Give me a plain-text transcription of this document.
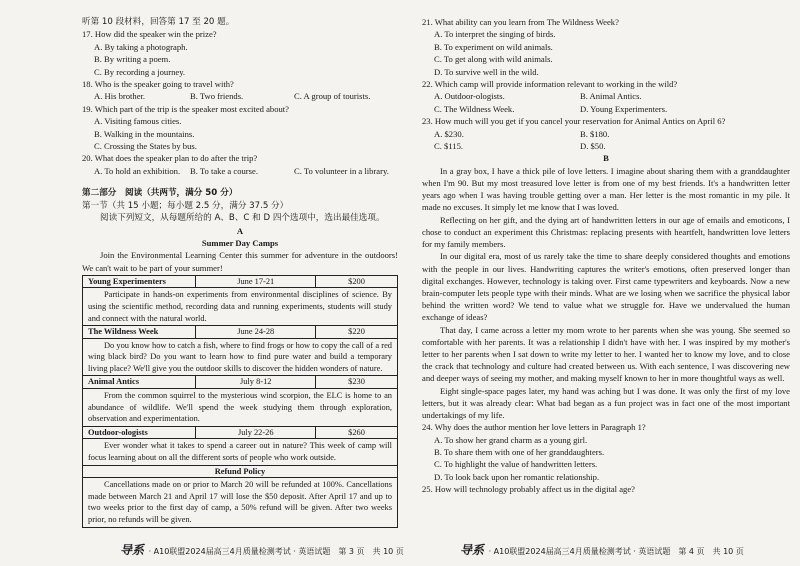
听第 10 段材料，回答第 17 至 20 题。
17. How did the speaker win the prize?
A. By taking a photograph.
B. By writing a poem.
C. By recording a journey.
18. Who is the speaker going to travel with?
A. His brother.	B. Two friends.	C. A group of tourists.
19. Which part of the trip is the speaker most excited about?
A. Visiting famous cities.
B. Walking in the mountains.
C. Crossing the States by bus.
20. What does the speaker plan to do after the trip?
A. To hold an exhibition.	B. To take a course.	C. To volunteer in a library.
第二部分　阅读（共两节，满分 50 分）
第一节（共 15 小题；每小题 2.5 分，满分 37.5 分）
阅读下列短文，从每题所给的 A、B、C 和 D 四个选项中，选出最佳选项。
A
Summer Day Camps
Join the Environmental Learning Center this summer for adventure in the outdoors! We can't wait to be part of your summer!
Young Experimenters	June 17-21	$200
Participate in hands-on experiments from environmental disciplines of science. By using the scientific method, recording data and running experiments, students will study and connect with the natural world.		
The Wildness Week	June 24-28	$220
Do you know how to catch a fish, where to find frogs or how to copy the call of a red wing black bird? Do you want to learn how to find pure water and build a temporary living place? We'll give you the outdoor skills to discover the hidden wonders of nature.		
Animal Antics	July 8-12	$230
From the common squirrel to the mysterious wind scorpion, the ELC is home to an abundance of wildlife. We'll spend the week studying them through exploration, observation and experimentation.		
Outdoor-ologists	July 22-26	$260
Ever wonder what it takes to spend a career out in nature? This week of camp will focus learning about on all the different sorts of people who work outside.		
Refund Policy		
Cancellations made on or prior to March 20 will be refunded at 100%. Cancellations made between March 21 and April 17 will lose the $50 deposit. After April 17 and up to two weeks prior to the first day of camp, a 50% refund will be given. After two weeks prior, no refunds will be given.		
导系 · A10联盟2024届高三4月质量检测考试 · 英语试题　第 3 页　共 10 页
21. What ability can you learn from The Wildness Week?
A. To interpret the singing of birds.
B. To experiment on wild animals.
C. To get along with wild animals.
D. To survive well in the wild.
22. Which camp will provide information relevant to working in the wild?
A. Outdoor-ologists.	B. Animal Antics.
C. The Wildness Week.	D. Young Experimenters.
23. How much will you get if you cancel your reservation for Animal Antics on April 6?
A. $230.	B. $180.
C. $115.	D. $50.
B
In a gray box, I have a thick pile of love letters. I imagine about sharing them with a granddaughter when I'm 90. But my most treasured love letter is from one of my best friends. It's a handwritten letter years ago when I was having trouble getting over a man. Her letter is the most romantic in my pile. It made no excuses. It simply let me know that I was loved.
Reflecting on her gift, and the dying art of handwritten letters in our age of emails and emoticons, I chose to conduct an experiment this Christmas: replacing presents with heartfelt, handwritten love letters for my family members.
In our digital era, most of us rarely take the time to share deeply considered thoughts and emotions with the people in our lives. Handwriting captures the writer's emotions, often preserved longer than digital exchanges. However, technology is taking over. First came typewriters and keyboards. Now a new brain-computer lets people type with their minds. What are we losing when we sacrifice the physical labor behind the written word? We tend to value what we struggle for. Have we undervalued the human exchange of ideas?
That day, I came across a letter my mom wrote to her parents when she was young. She seemed so comfortable with her parents. It was a relationship I didn't have with her. I was inspired by my mother's letter to her parents when I sat down to write my letter to her. I wanted her to know my love, and to close the crack that technology and culture had created between us. With each sentence, I was discovering new and deeper ways of seeing my mother, and making myself known to her in more thoughtful ways as well.
Eight single-space pages later, my hand was aching but I was done. It was only the first of my love letters, but it was already clear: What bad began as a fun project was in fact one of the most important undertakings of my life.
24. Why does the author mention her love letters in Paragraph 1?
A. To show her grand charm as a young girl.
B. To share them with one of her granddaughters.
C. To highlight the value of handwritten letters.
D. To look back upon her romantic relationship.
25. How will technology probably affect us in the digital age?
导系 · A10联盟2024届高三4月质量检测考试 · 英语试题　第 4 页　共 10 页
